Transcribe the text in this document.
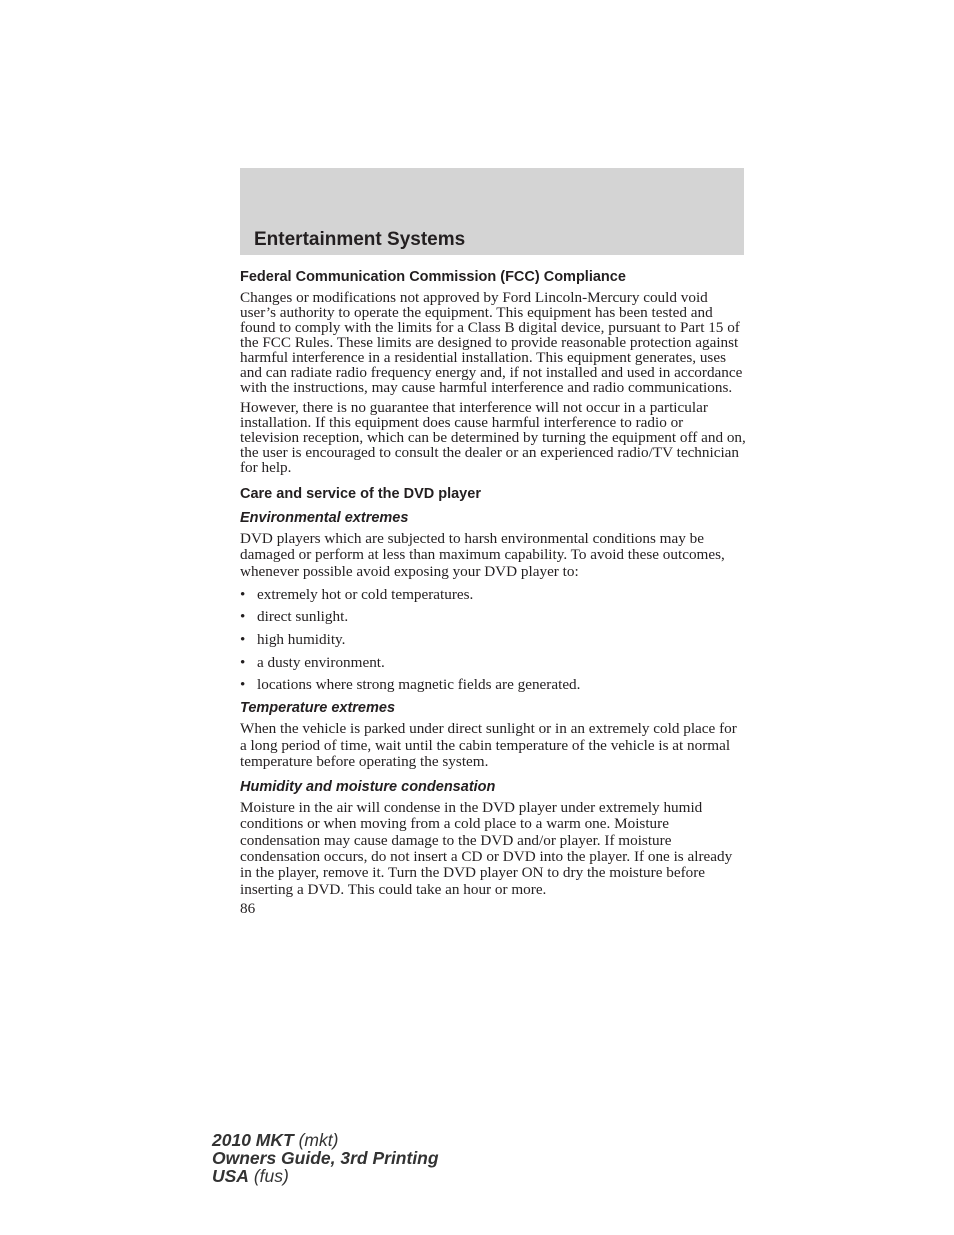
Entertainment Systems
Federal Communication Commission (FCC) Compliance

Changes or modifications not approved by Ford Lincoln-Mercury could void user’s authority to operate the equipment. This equipment has been tested and found to comply with the limits for a Class B digital device, pursuant to Part 15 of the FCC Rules. These limits are designed to provide reasonable protection against harmful interference in a residential installation. This equipment generates, uses and can radiate radio frequency energy and, if not installed and used in accordance with the instructions, may cause harmful interference and radio communications.

However, there is no guarantee that interference will not occur in a particular installation. If this equipment does cause harmful interference to radio or television reception, which can be determined by turning the equipment off and on, the user is encouraged to consult the dealer or an experienced radio/TV technician for help.

Care and service of the DVD player
Environmental extremes

DVD players which are subjected to harsh environmental conditions may be damaged or perform at less than maximum capability. To avoid these outcomes, whenever possible avoid exposing your DVD player to:

• extremely hot or cold temperatures.
• direct sunlight.
• high humidity.
• a dusty environment.
• locations where strong magnetic fields are generated.
Temperature extremes

When the vehicle is parked under direct sunlight or in an extremely cold place for a long period of time, wait until the cabin temperature of the vehicle is at normal temperature before operating the system.

Humidity and moisture condensation

Moisture in the air will condense in the DVD player under extremely humid conditions or when moving from a cold place to a warm one. Moisture condensation may cause damage to the DVD and/or player. If moisture condensation occurs, do not insert a CD or DVD into the player. If one is already in the player, remove it. Turn the DVD player ON to dry the moisture before inserting a DVD. This could take an hour or more.

86

2010 MKT (mkt)
Owners Guide, 3rd Printing
USA (fus)
